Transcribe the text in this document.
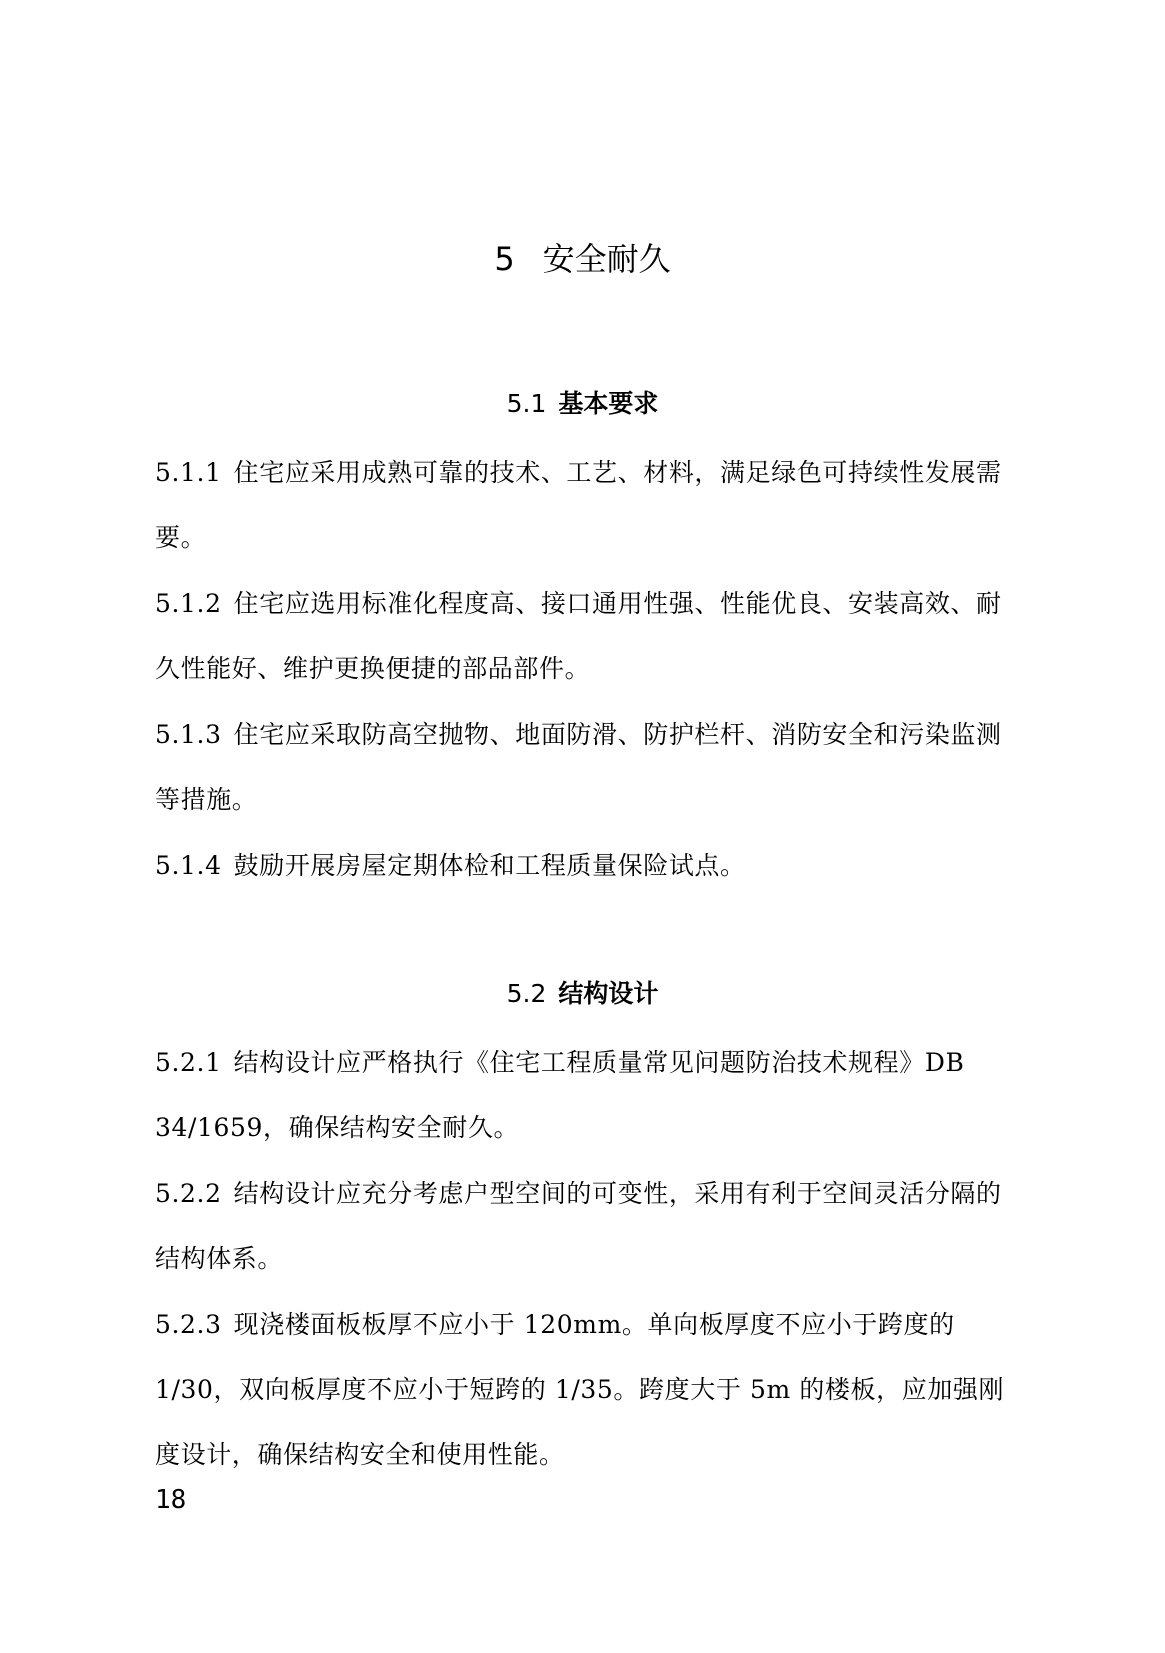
5 安全耐久
5.1 基本要求

5.1.1 住宅应采用成熟可靠的技术、工艺、材料，满足绿色可持续性发展需要。

5.1.2 住宅应选用标准化程度高、接口通用性强、性能优良、安装高效、耐久性能好、维护更换便捷的部品部件。

5.1.3 住宅应采取防高空抛物、地面防滑、防护栏杆、消防安全和污染监测等措施。

5.1.4 鼓励开展房屋定期体检和工程质量保险试点。

5.2 结构设计

5.2.1 结构设计应严格执行《住宅工程质量常见问题防治技术规程》DB 34/1659，确保结构安全耐久。

5.2.2 结构设计应充分考虑户型空间的可变性，采用有利于空间灵活分隔的结构体系。

5.2.3 现浇楼面板板厚不应小于 120mm。单向板厚度不应小于跨度的 1/30，双向板厚度不应小于短跨的 1/35。跨度大于 5m 的楼板，应加强刚度设计，确保结构安全和使用性能。

18
